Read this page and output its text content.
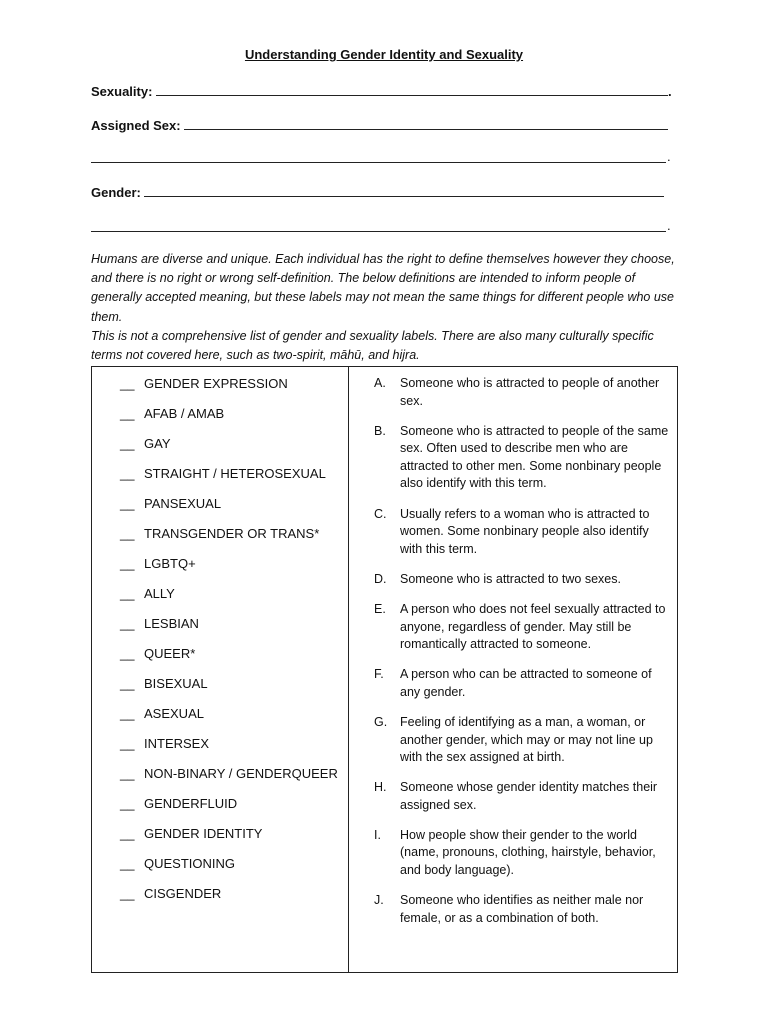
Understanding Gender Identity and Sexuality
Sexuality:	.
Assigned Sex:
.
Gender:
.

Humans are diverse and unique. Each individual has the right to define themselves however they choose, and there is no right or wrong self-definition. The below definitions are intended to inform people of generally accepted meaning, but these labels may not mean the same things for different people who use them.

This is not a comprehensive list of gender and sexuality labels. There are also many culturally specific terms not covered here, such as two-spirit, māhū, and hijra.

__ GENDER EXPRESSION
__ AFAB / AMAB
__ GAY
__ STRAIGHT / HETEROSEXUAL
__ PANSEXUAL
__ TRANSGENDER OR TRANS*
__ LGBTQ+
__ ALLY
__ LESBIAN
__ QUEER*
__ BISEXUAL
__ ASEXUAL
__ INTERSEX
__ NON-BINARY / GENDERQUEER
__ GENDERFLUID
__ GENDER IDENTITY
__ QUESTIONING
__ CISGENDER
A.	Someone who is attracted to people of another sex.
B.	Someone who is attracted to people of the same sex. Often used to describe men who are attracted to other men. Some nonbinary people also identify with this term.
C.	Usually refers to a woman who is attracted to women. Some nonbinary people also identify with this term.
D.	Someone who is attracted to two sexes.
E.	A person who does not feel sexually attracted to anyone, regardless of gender. May still be romantically attracted to someone.
F.	A person who can be attracted to someone of any gender.
G.	Feeling of identifying as a man, a woman, or another gender, which may or may not line up with the sex assigned at birth.
H.	Someone whose gender identity matches their assigned sex.
I.	How people show their gender to the world (name, pronouns, clothing, hairstyle, behavior, and body language).
J.	Someone who identifies as neither male nor female, or as a combination of both.
